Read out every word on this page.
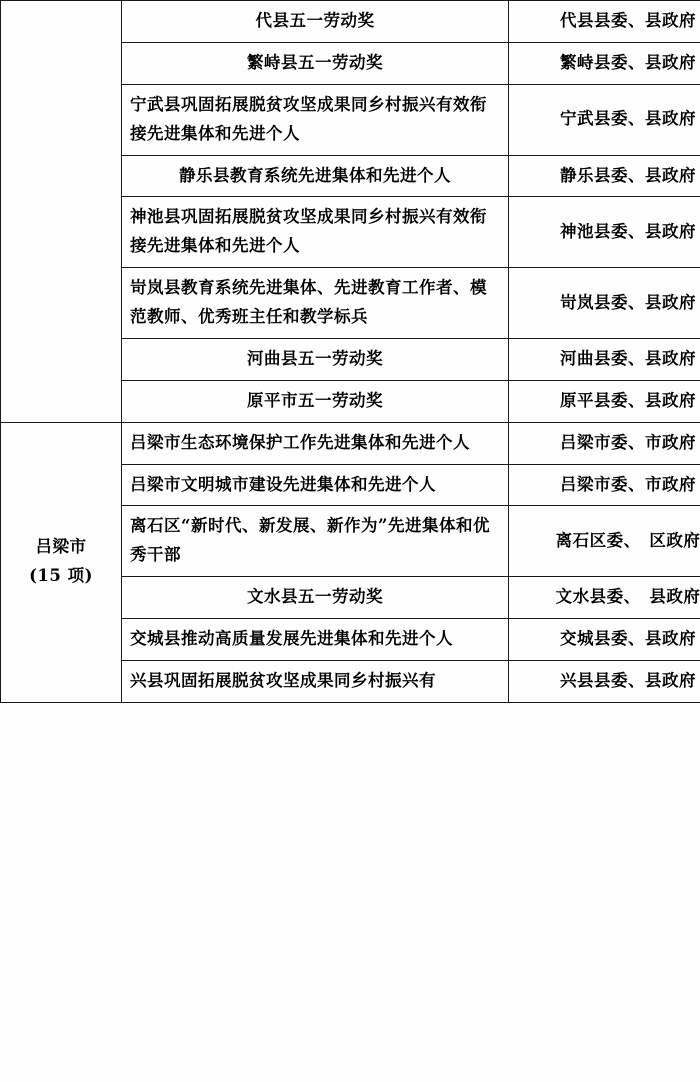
	代县五一劳动奖	代县县委、县政府
	繁峙县五一劳动奖	繁峙县委、县政府
	宁武县巩固拓展脱贫攻坚成果同乡村振兴有效衔接先进集体和先进个人	宁武县委、县政府
	静乐县教育系统先进集体和先进个人	静乐县委、县政府
	神池县巩固拓展脱贫攻坚成果同乡村振兴有效衔接先进集体和先进个人	神池县委、县政府
	岢岚县教育系统先进集体、先进教育工作者、模范教师、优秀班主任和教学标兵	岢岚县委、县政府
	河曲县五一劳动奖	河曲县委、县政府
	原平市五一劳动奖	原平县委、县政府

吕梁市
(15 项)	吕梁市生态环境保护工作先进集体和先进个人	吕梁市委、市政府
	吕梁市文明城市建设先进集体和先进个人	吕梁市委、市政府
	离石区“新时代、新发展、新作为”先进集体和优秀干部	离石区委、　区政府
	文水县五一劳动奖	文水县委、　县政府
	交城县推动高质量发展先进集体和先进个人	交城县委、县政府
	兴县巩固拓展脱贫攻坚成果同乡村振兴有	兴县县委、县政府
